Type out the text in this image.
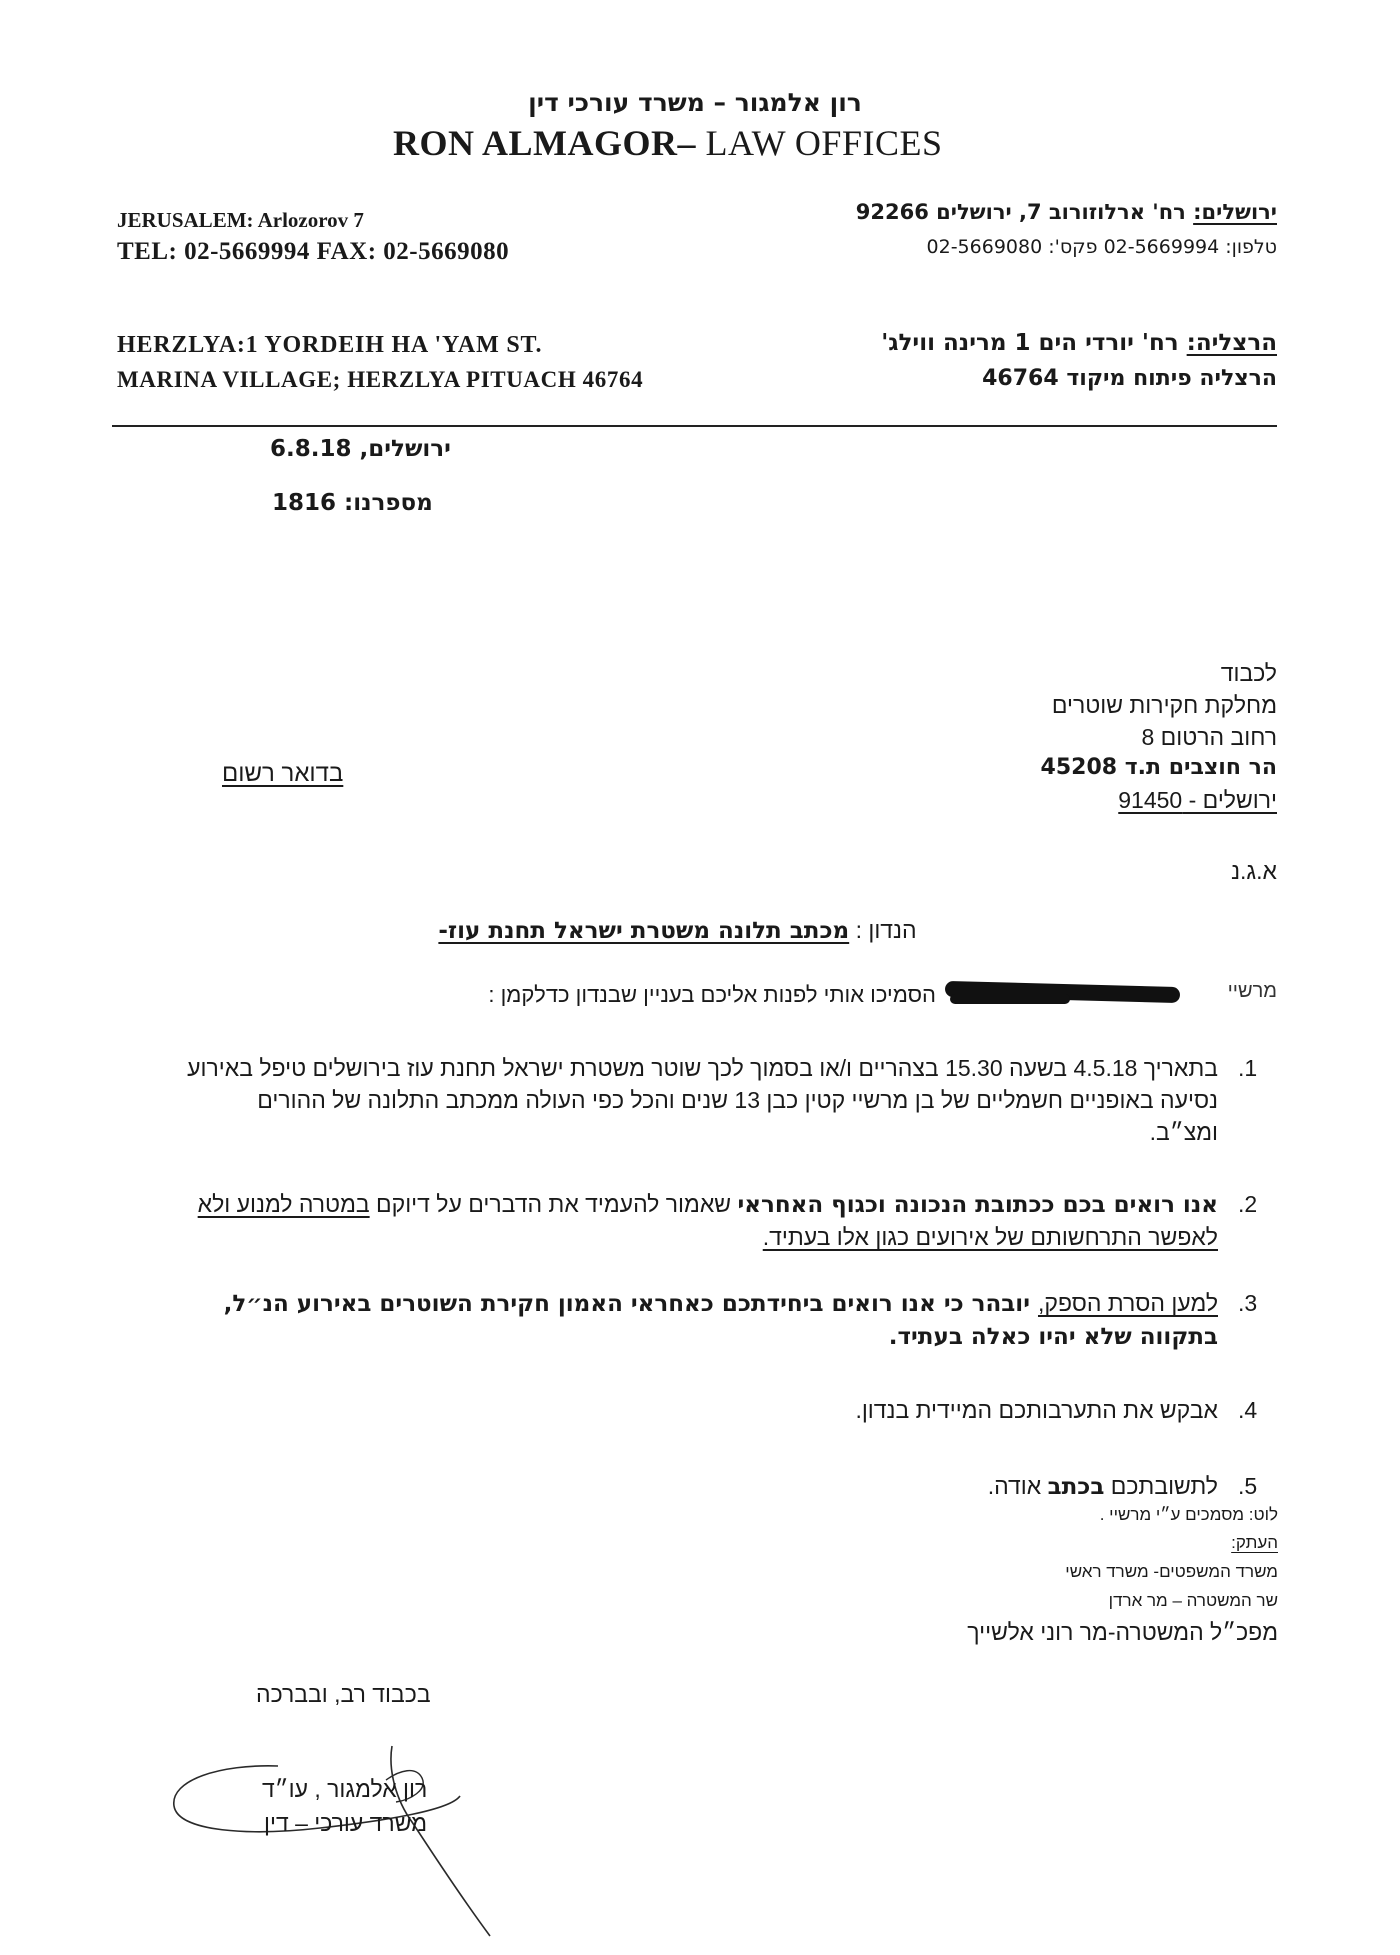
רון אלמגור – משרד עורכי דין
RON ALMAGOR– LAW OFFICES
JERUSALEM: Arlozorov 7
TEL: 02-5669994 FAX: 02-5669080
ירושלים: רח' ארלוזורוב 7, ירושלים 92266
טלפון: 02-5669994 פקס': 02-5669080
HERZLYA:1 YORDEIH HA 'YAM ST.
MARINA VILLAGE; HERZLYA PITUACH 46764
הרצליה: רח' יורדי הים 1 מרינה ווילג'
הרצליה פיתוח מיקוד 46764
ירושלים, 6.8.18
מספרנו: 1816
לכבוד
מחלקת חקירות שוטרים
רחוב הרטום 8
הר חוצבים ת.ד 45208
ירושלים - 91450
בדואר רשום
א.ג.נ
הנדון : מכתב תלונה משטרת ישראל תחנת עוז-
מרשיי
הסמיכו אותי לפנות אליכם בעניין שבנדון כדלקמן :
בתאריך 4.5.18 בשעה 15.30 בצהריים ו/או בסמוך לכך שוטר משטרת ישראל תחנת עוז בירושלים טיפל באירוע נסיעה באופניים חשמליים של בן מרשיי קטין כבן 13 שנים והכל כפי העולה ממכתב התלונה של ההורים ומצ״ב.
.1
אנו רואים בכם ככתובת הנכונה וכגוף האחראי שאמור להעמיד את הדברים על דיוקם במטרה למנוע ולא לאפשר התרחשותם של אירועים כגון אלו בעתיד.
.2
למען הסרת הספק, יובהר כי אנו רואים ביחידתכם כאחראי האמון חקירת השוטרים באירוע הנ״ל, בתקווה שלא יהיו כאלה בעתיד.
.3
אבקש את התערבותכם המיידית בנדון. .4
לתשובתכם בכתב אודה.	.5
לוט: מסמכים ע״י מרשיי .
העתק:
משרד המשפטים- משרד ראשי
שר המשטרה – מר ארדן
מפכ״ל המשטרה-מר רוני אלשייך
בכבוד רב, ובברכה
רון אלמגור , עו״ד
משרד עורכי – דין
